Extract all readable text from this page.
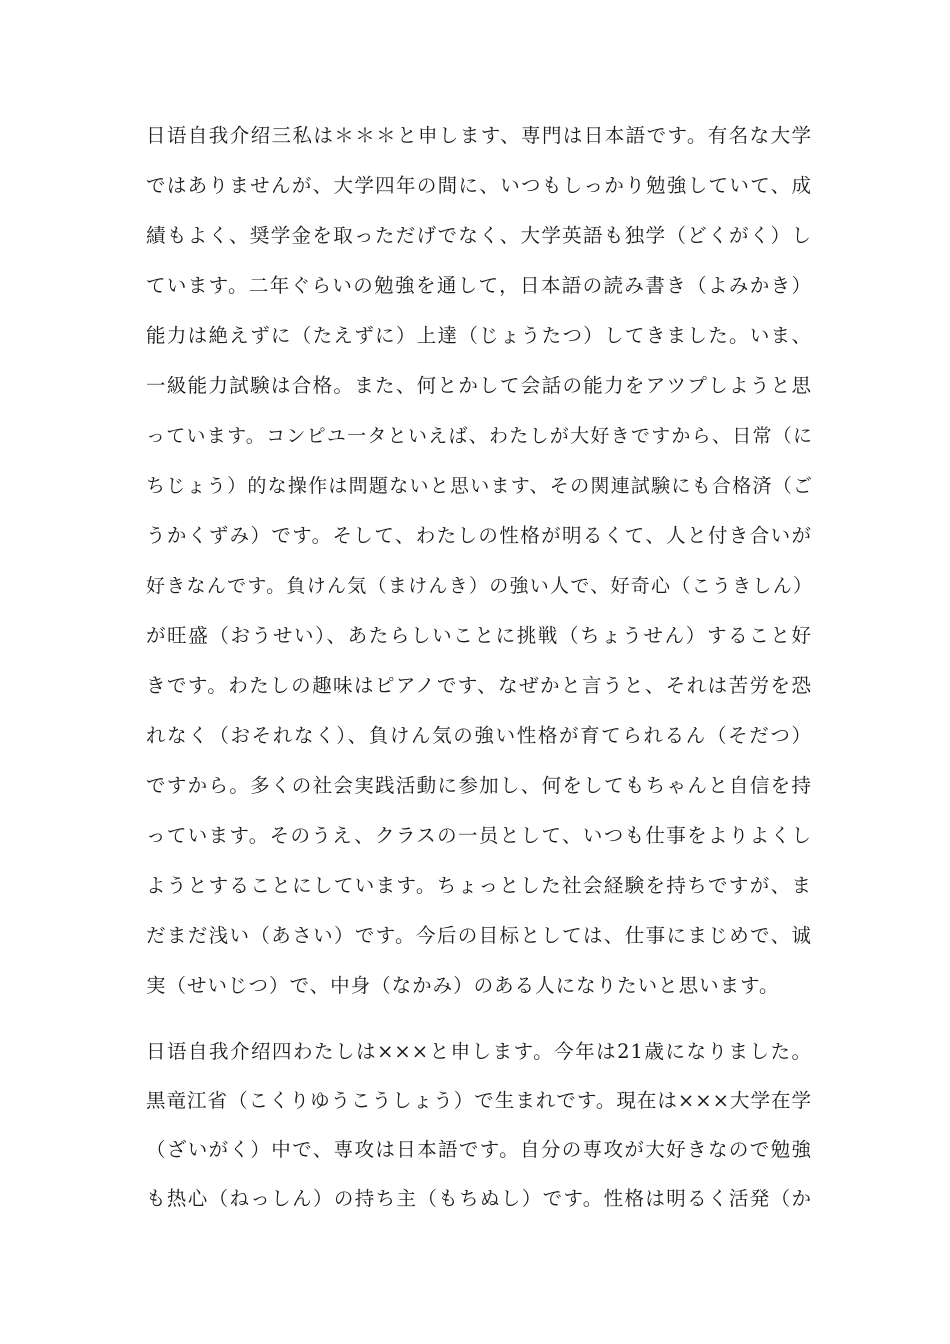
日语自我介绍三私は＊＊＊と申します、専門は日本語です。有名な大学
ではありませんが、大学四年の間に、いつもしっかり勉強していて、成
績もよく、奨学金を取っただげでなく、大学英語も独学（どくがく）し
ています。二年ぐらいの勉強を通して，日本語の読み書き（よみかき）
能力は絶えずに（たえずに）上達（じょうたつ）してきました。いま、
一級能力試験は合格。また、何とかして会話の能力をアツプしようと思
っています。コンピユ一タといえば、わたしが大好きですから、日常（に
ちじょう）的な操作は問題ないと思います、その関連試験にも合格済（ご
うかくずみ）です。そして、わたしの性格が明るくて、人と付き合いが
好きなんです。負けん気（まけんき）の強い人で、好奇心（こうきしん）
が旺盛（おうせい）、あたらしいことに挑戦（ちょうせん）すること好
きです。わたしの趣味はピアノです、なぜかと言うと、それは苦労を恐
れなく（おそれなく）、負けん気の強い性格が育てられるん（そだつ）
ですから。多くの社会実践活動に参加し、何をしてもちゃんと自信を持
っています。そのうえ、クラスの一员として、いつも仕事をよりよくし
ようとすることにしています。ちょっとした社会経験を持ちですが、ま
だまだ浅い（あさい）です。今后の目标としては、仕事にまじめで、诚
実（せいじつ）で、中身（なかみ）のある人になりたいと思います。
日语自我介绍四わたしは×××と申します。今年は21歳になりました。
黒竜江省（こくりゆうこうしょう）で生まれです。現在は×××大学在学
（ざいがく）中で、専攻は日本語です。自分の専攻が大好きなので勉強
も热心（ねっしん）の持ち主（もちぬし）です。性格は明るく活発（か
